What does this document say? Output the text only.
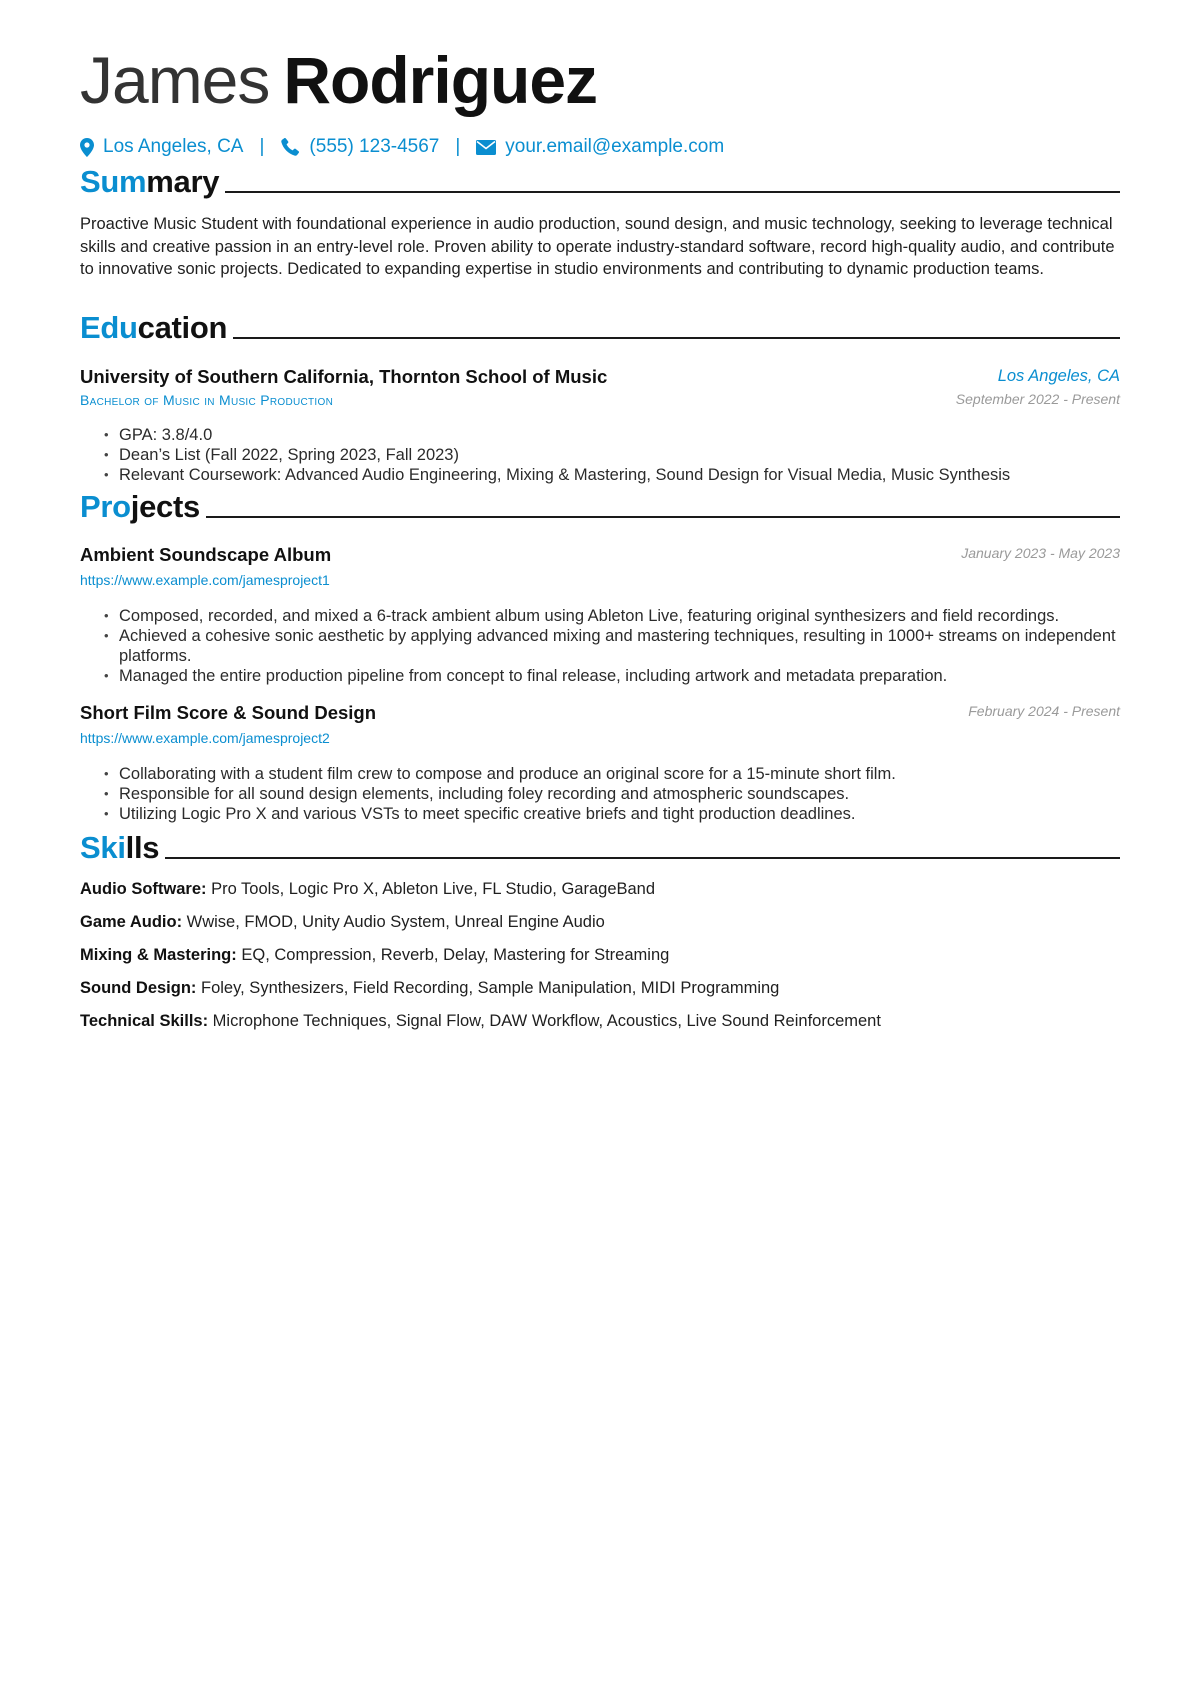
James Rodriguez
Los Angeles, CA | (555) 123-4567 | your.email@example.com
Summary
Proactive Music Student with foundational experience in audio production, sound design, and music technology, seeking to leverage technical skills and creative passion in an entry-level role. Proven ability to operate industry-standard software, record high-quality audio, and contribute to innovative sonic projects. Dedicated to expanding expertise in studio environments and contributing to dynamic production teams.
Education
University of Southern California, Thornton School of Music	Los Angeles, CA
Bachelor of Music in Music Production	September 2022 - Present
• GPA: 3.8/4.0
• Dean’s List (Fall 2022, Spring 2023, Fall 2023)
• Relevant Coursework: Advanced Audio Engineering, Mixing & Mastering, Sound Design for Visual Media, Music Synthesis
Projects
Ambient Soundscape Album	January 2023 - May 2023
https://www.example.com/jamesproject1
• Composed, recorded, and mixed a 6-track ambient album using Ableton Live, featuring original synthesizers and field recordings.
• Achieved a cohesive sonic aesthetic by applying advanced mixing and mastering techniques, resulting in 1000+ streams on independent platforms.
• Managed the entire production pipeline from concept to final release, including artwork and metadata preparation.
Short Film Score & Sound Design	February 2024 - Present
https://www.example.com/jamesproject2
• Collaborating with a student film crew to compose and produce an original score for a 15-minute short film.
• Responsible for all sound design elements, including foley recording and atmospheric soundscapes.
• Utilizing Logic Pro X and various VSTs to meet specific creative briefs and tight production deadlines.
Skills
Audio Software: Pro Tools, Logic Pro X, Ableton Live, FL Studio, GarageBand
Game Audio: Wwise, FMOD, Unity Audio System, Unreal Engine Audio
Mixing & Mastering: EQ, Compression, Reverb, Delay, Mastering for Streaming
Sound Design: Foley, Synthesizers, Field Recording, Sample Manipulation, MIDI Programming
Technical Skills: Microphone Techniques, Signal Flow, DAW Workflow, Acoustics, Live Sound Reinforcement
